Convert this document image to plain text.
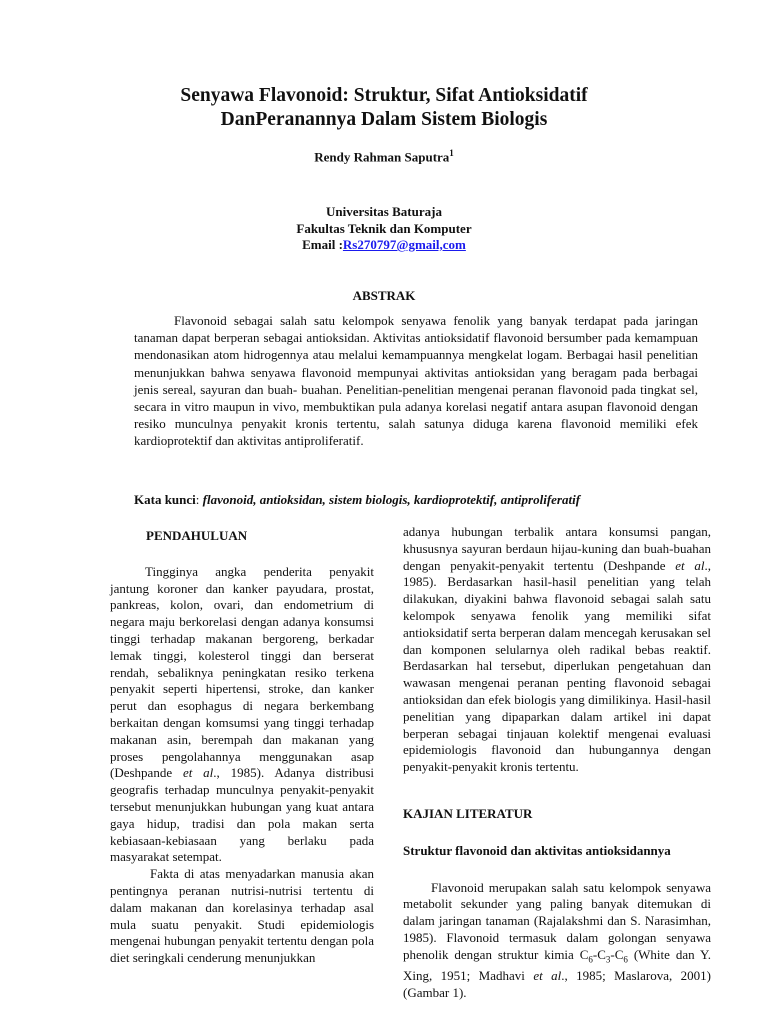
Senyawa Flavonoid: Struktur, Sifat Antioksidatif
DanPeranannya Dalam Sistem Biologis
Rendy Rahman Saputra$^1$
Universitas Baturaja
Fakultas Teknik dan Komputer
Email :Rs270797@gmail,com
ABSTRAK

Flavonoid sebagai salah satu kelompok senyawa fenolik yang banyak terdapat pada jaringan tanaman dapat berperan sebagai antioksidan. Aktivitas antioksidatif flavonoid bersumber pada kemampuan mendonasikan atom hidrogennya atau melalui kemampuannya mengkelat logam. Berbagai hasil penelitian menunjukkan bahwa senyawa flavonoid mempunyai aktivitas antioksidan yang beragam pada berbagai jenis sereal, sayuran dan buah- buahan. Penelitian-penelitian mengenai peranan flavonoid pada tingkat sel, secara in vitro maupun in vivo, membuktikan pula adanya korelasi negatif antara asupan flavonoid dengan resiko munculnya penyakit kronis tertentu, salah satunya diduga karena flavonoid memiliki efek kardioprotektif dan aktivitas antiproliferatif.

Kata kunci: flavonoid, antioksidan, sistem biologis, kardioprotektif, antiproliferatif

PENDAHULUAN

Tingginya angka penderita penyakit jantung koroner dan kanker payudara, prostat, pankreas, kolon, ovari, dan endometrium di negara maju berkorelasi dengan adanya konsumsi tinggi terhadap makanan bergoreng, berkadar lemak tinggi, kolesterol tinggi dan berserat rendah, sebaliknya peningkatan resiko terkena penyakit seperti hipertensi, stroke, dan kanker perut dan esophagus di negara berkembang berkaitan dengan komsumsi yang tinggi terhadap makanan asin, berempah dan makanan yang proses pengolahannya menggunakan asap (Deshpande et al., 1985). Adanya distribusi geografis terhadap munculnya penyakit-penyakit tersebut menunjukkan hubungan yang kuat antara gaya hidup, tradisi dan pola makan serta kebiasaan-kebiasaan yang berlaku pada masyarakat setempat.

Fakta di atas menyadarkan manusia akan pentingnya peranan nutrisi-nutrisi tertentu di dalam makanan dan korelasinya terhadap asal mula suatu penyakit. Studi epidemiologis mengenai hubungan penyakit tertentu dengan pola diet seringkali cenderung menunjukkan

adanya hubungan terbalik antara konsumsi pangan, khususnya sayuran berdaun hijau-kuning dan buah-buahan dengan penyakit-penyakit tertentu (Deshpande et al., 1985). Berdasarkan hasil-hasil penelitian yang telah dilakukan, diyakini bahwa flavonoid sebagai salah satu kelompok senyawa fenolik yang memiliki sifat antioksidatif serta berperan dalam mencegah kerusakan sel dan komponen selularnya oleh radikal bebas reaktif. Berdasarkan hal tersebut, diperlukan pengetahuan dan wawasan mengenai peranan penting flavonoid sebagai antioksidan dan efek biologis yang dimilikinya. Hasil-hasil penelitian yang dipaparkan dalam artikel ini dapat berperan sebagai tinjauan kolektif mengenai evaluasi epidemiologis flavonoid dan hubungannya dengan penyakit-penyakit kronis tertentu.

KAJIAN LITERATUR

Struktur flavonoid dan aktivitas antioksidannya

Flavonoid merupakan salah satu kelompok senyawa metabolit sekunder yang paling banyak ditemukan di dalam jaringan tanaman (Rajalakshmi dan S. Narasimhan, 1985). Flavonoid termasuk dalam golongan senyawa phenolik dengan struktur kimia $C_6-C_3-C_6$ (White dan Y. Xing, 1951; Madhavi et al., 1985; Maslarova, 2001) (Gambar 1).
